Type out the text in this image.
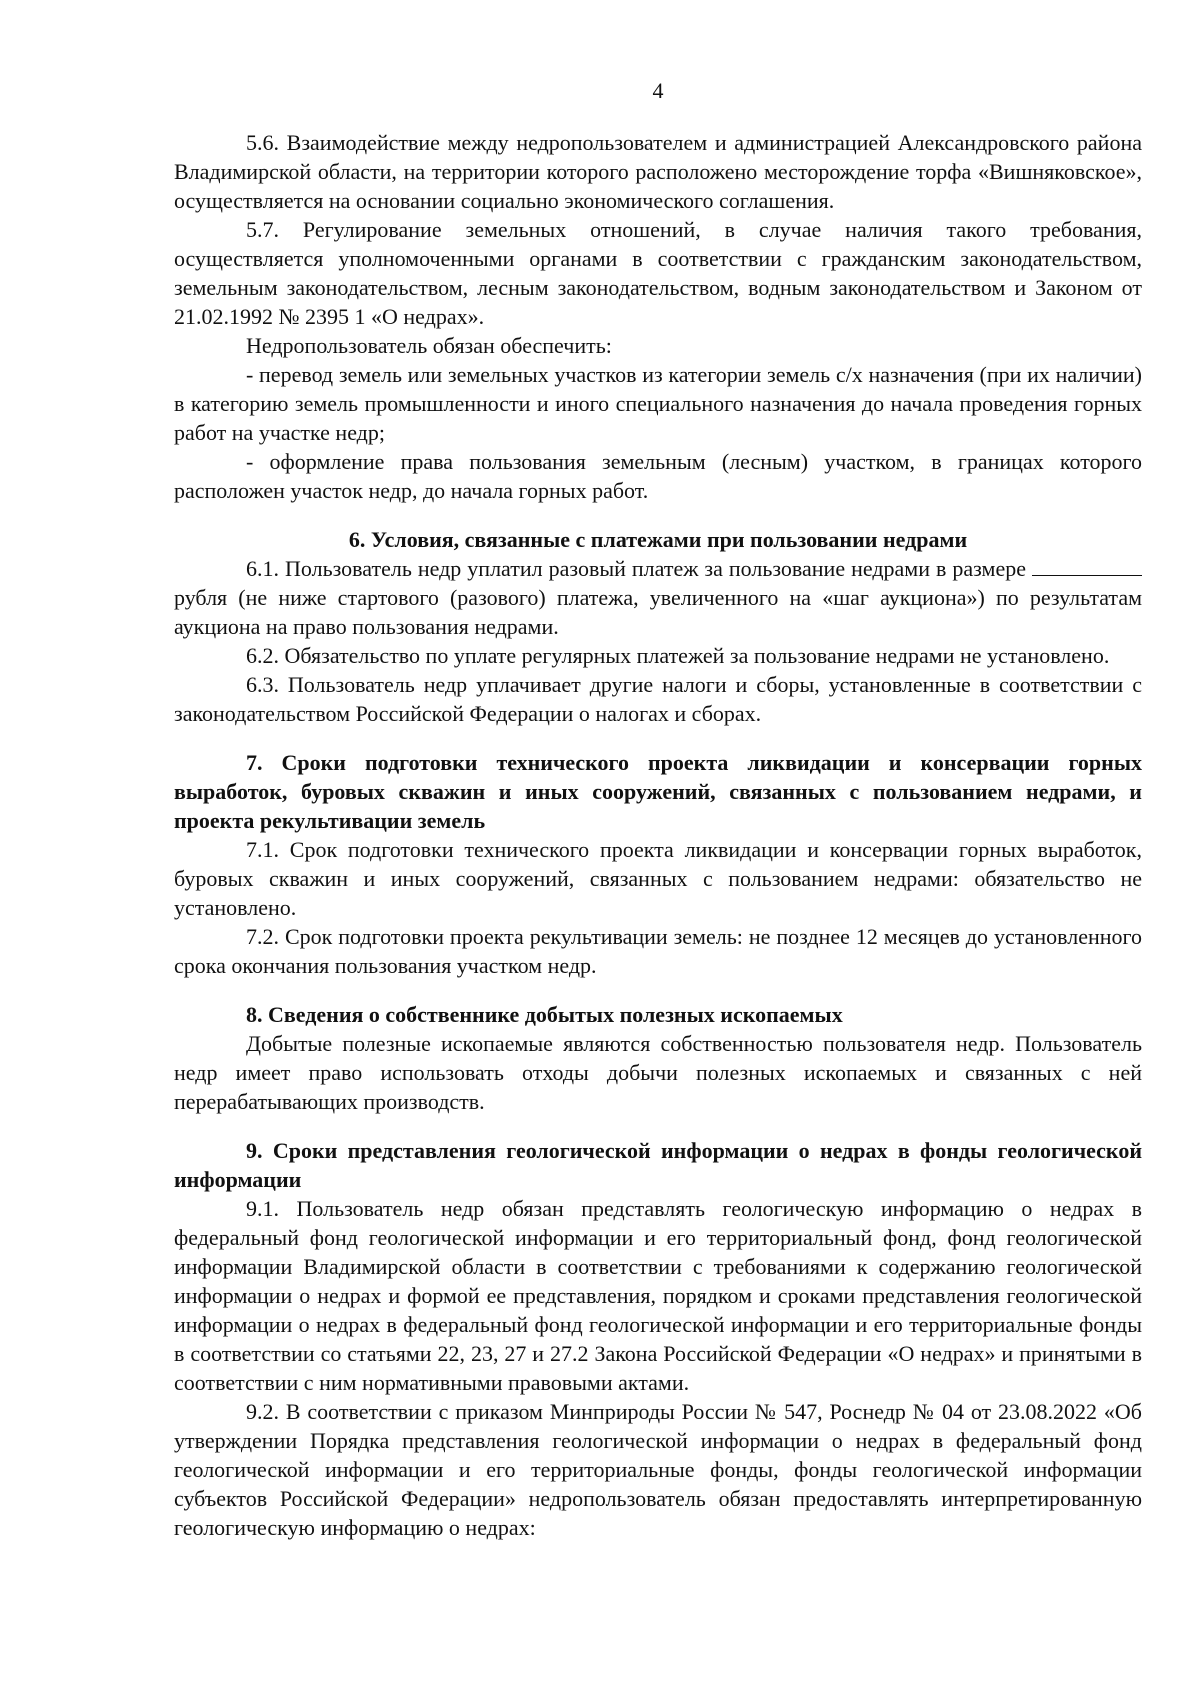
4

5.6. Взаимодействие между недропользователем и администрацией Александровского района Владимирской области, на территории которого расположено месторождение торфа «Вишняковское», осуществляется на основании социально экономического соглашения.

5.7. Регулирование земельных отношений, в случае наличия такого требования, осуществляется уполномоченными органами в соответствии с гражданским законодательством, земельным законодательством, лесным законодательством, водным законодательством и Законом от 21.02.1992 № 2395 1 «О недрах».

Недропользователь обязан обеспечить:

- перевод земель или земельных участков из категории земель с/х назначения (при их наличии) в категорию земель промышленности и иного специального назначения до начала проведения горных работ на участке недр;

- оформление права пользования земельным (лесным) участком, в границах которого расположен участок недр, до начала горных работ.

6. Условия, связанные с платежами при пользовании недрами

6.1. Пользователь недр уплатил разовый платеж за пользование недрами в размере  рубля (не ниже стартового (разового) платежа, увеличенного на «шаг аукциона») по результатам аукциона на право пользования недрами.

6.2. Обязательство по уплате регулярных платежей за пользование недрами не установлено.

6.3. Пользователь недр уплачивает другие налоги и сборы, установленные в соответствии с законодательством Российской Федерации о налогах и сборах.

7. Сроки подготовки технического проекта ликвидации и консервации горных выработок, буровых скважин и иных сооружений, связанных с пользованием недрами, и проекта рекультивации земель

7.1. Срок подготовки технического проекта ликвидации и консервации горных выработок, буровых скважин и иных сооружений, связанных с пользованием недрами: обязательство не установлено.

7.2. Срок подготовки проекта рекультивации земель: не позднее 12 месяцев до установленного срока окончания пользования участком недр.

8. Сведения о собственнике добытых полезных ископаемых

Добытые полезные ископаемые являются собственностью пользователя недр. Пользователь недр имеет право использовать отходы добычи полезных ископаемых и связанных с ней перерабатывающих производств.

9. Сроки представления геологической информации о недрах в фонды геологической информации

9.1. Пользователь недр обязан представлять геологическую информацию о недрах в федеральный фонд геологической информации и его территориальный фонд, фонд геологической информации Владимирской области в соответствии с требованиями к содержанию геологической информации о недрах и формой ее представления, порядком и сроками представления геологической информации о недрах в федеральный фонд геологической информации и его территориальные фонды в соответствии со статьями 22, 23, 27 и 27.2 Закона Российской Федерации «О недрах» и принятыми в соответствии с ним нормативными правовыми актами.

9.2. В соответствии с приказом Минприроды России № 547, Роснедр № 04 от 23.08.2022 «Об утверждении Порядка представления геологической информации о недрах в федеральный фонд геологической информации и его территориальные фонды, фонды геологической информации субъектов Российской Федерации» недропользователь обязан предоставлять интерпретированную геологическую информацию о недрах:
